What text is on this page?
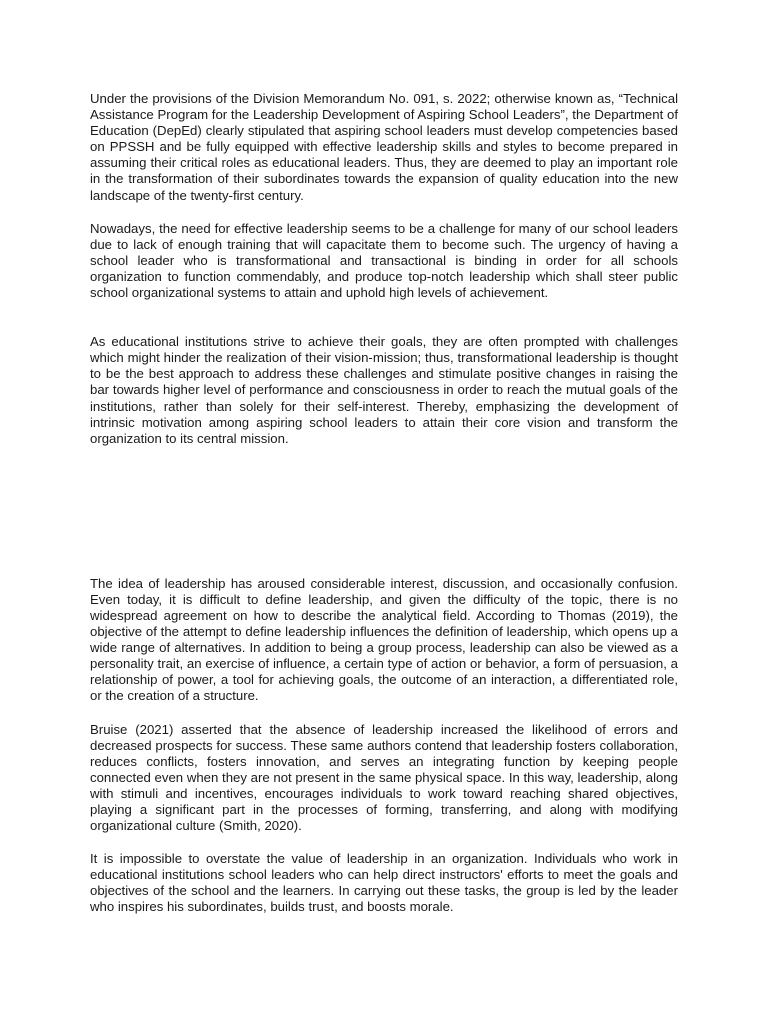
Under the provisions of the Division Memorandum No. 091, s. 2022; otherwise known as, “Technical Assistance Program for the Leadership Development of Aspiring School Leaders”, the Department of Education (DepEd) clearly stipulated that aspiring school leaders must develop competencies based on PPSSH and be fully equipped with effective leadership skills and styles to become prepared in assuming their critical roles as educational leaders. Thus, they are deemed to play an important role in the transformation of their subordinates towards the expansion of quality education into the new landscape of the twenty-first century.

Nowadays, the need for effective leadership seems to be a challenge for many of our school leaders due to lack of enough training that will capacitate them to become such. The urgency of having a school leader who is transformational and transactional is binding in order for all schools organization to function commendably, and produce top-notch leadership which shall steer public school organizational systems to attain and uphold high levels of achievement.

As educational institutions strive to achieve their goals, they are often prompted with challenges which might hinder the realization of their vision-mission; thus, transformational leadership is thought to be the best approach to address these challenges and stimulate positive changes in raising the bar towards higher level of performance and consciousness in order to reach the mutual goals of the institutions, rather than solely for their self-interest. Thereby, emphasizing the development of intrinsic motivation among aspiring school leaders to attain their core vision and transform the organization to its central mission.

The idea of leadership has aroused considerable interest, discussion, and occasionally confusion. Even today, it is difficult to define leadership, and given the difficulty of the topic, there is no widespread agreement on how to describe the analytical field. According to Thomas (2019), the objective of the attempt to define leadership influences the definition of leadership, which opens up a wide range of alternatives. In addition to being a group process, leadership can also be viewed as a personality trait, an exercise of influence, a certain type of action or behavior, a form of persuasion, a relationship of power, a tool for achieving goals, the outcome of an interaction, a differentiated role, or the creation of a structure.

Bruise (2021) asserted that the absence of leadership increased the likelihood of errors and decreased prospects for success. These same authors contend that leadership fosters collaboration, reduces conflicts, fosters innovation, and serves an integrating function by keeping people connected even when they are not present in the same physical space. In this way, leadership, along with stimuli and incentives, encourages individuals to work toward reaching shared objectives, playing a significant part in the processes of forming, transferring, and along with modifying organizational culture (Smith, 2020).

It is impossible to overstate the value of leadership in an organization. Individuals who work in educational institutions school leaders who can help direct instructors' efforts to meet the goals and objectives of the school and the learners. In carrying out these tasks, the group is led by the leader who inspires his subordinates, builds trust, and boosts morale.
